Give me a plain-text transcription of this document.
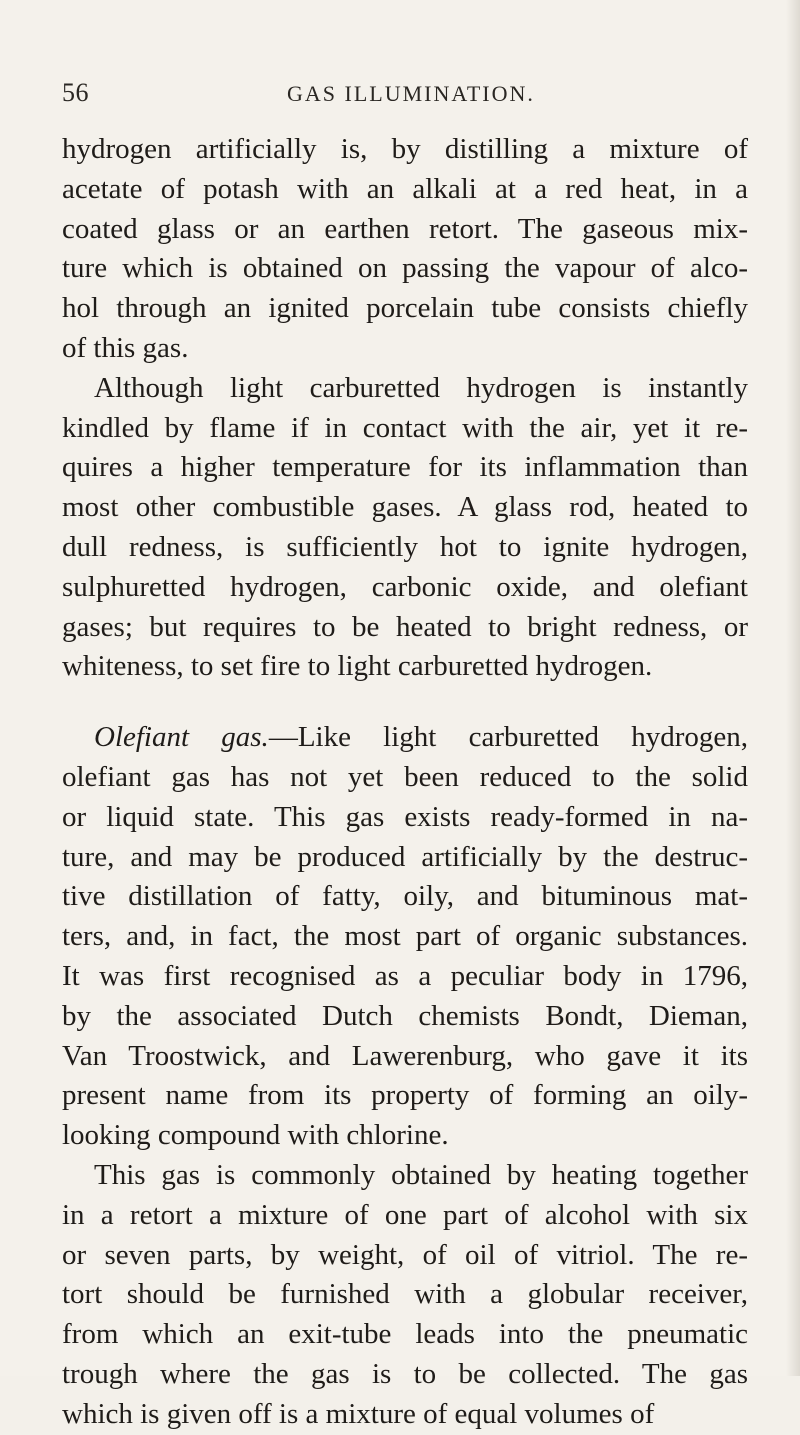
56	GAS ILLUMINATION.

hydrogen artificially is, by distilling a mixture of
acetate of potash with an alkali at a red heat, in a
coated glass or an earthen retort. The gaseous mix-
ture which is obtained on passing the vapour of alco-
hol through an ignited porcelain tube consists chiefly
of this gas.

Although light carburetted hydrogen is instantly
kindled by flame if in contact with the air, yet it re-
quires a higher temperature for its inflammation than
most other combustible gases. A glass rod, heated to
dull redness, is sufficiently hot to ignite hydrogen,
sulphuretted hydrogen, carbonic oxide, and olefiant
gases; but requires to be heated to bright redness, or
whiteness, to set fire to light carburetted hydrogen.

Olefiant gas.—Like light carburetted hydrogen,
olefiant gas has not yet been reduced to the solid
or liquid state. This gas exists ready-formed in na-
ture, and may be produced artificially by the destruc-
tive distillation of fatty, oily, and bituminous mat-
ters, and, in fact, the most part of organic substances.
It was first recognised as a peculiar body in 1796,
by the associated Dutch chemists Bondt, Dieman,
Van Troostwick, and Lawerenburg, who gave it its
present name from its property of forming an oily-
looking compound with chlorine.

This gas is commonly obtained by heating together
in a retort a mixture of one part of alcohol with six
or seven parts, by weight, of oil of vitriol. The re-
tort should be furnished with a globular receiver,
from which an exit-tube leads into the pneumatic
trough where the gas is to be collected. The gas
which is given off is a mixture of equal volumes of
